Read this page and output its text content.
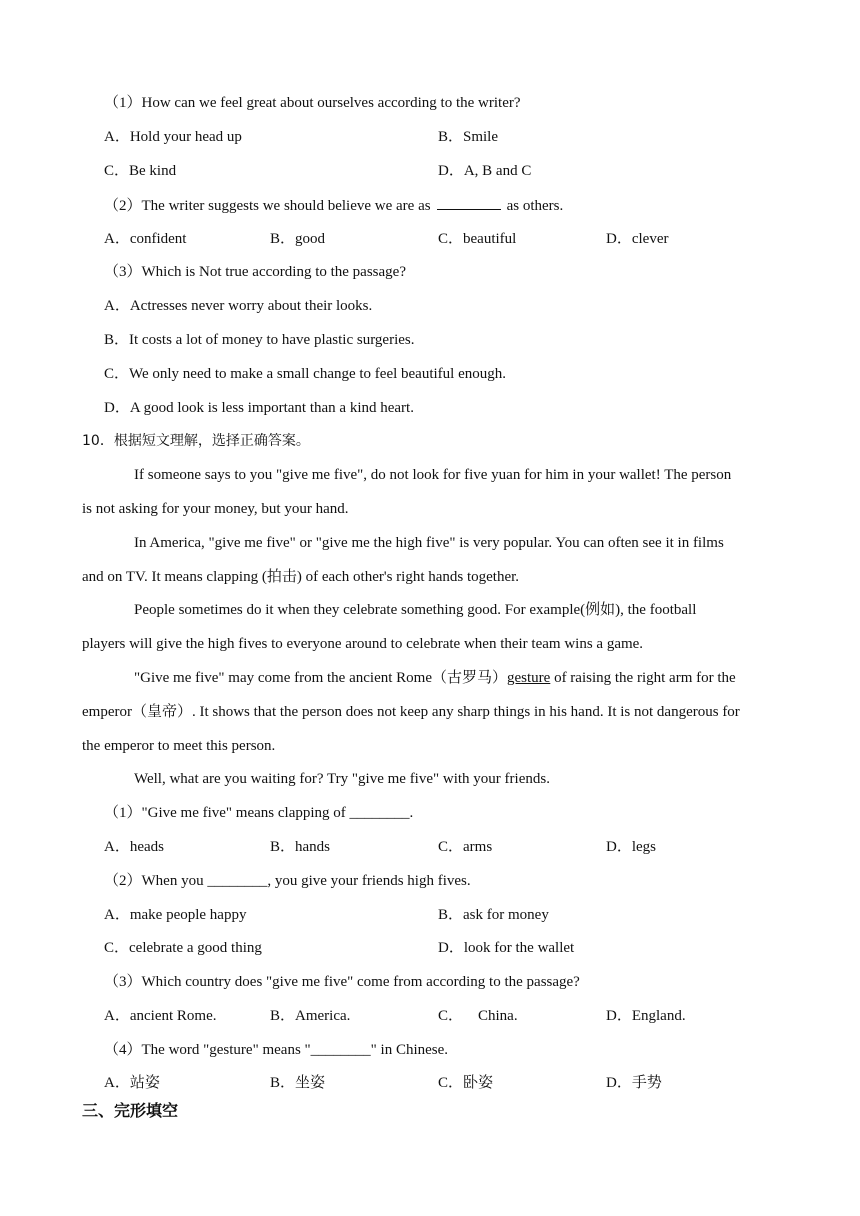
（1）How can we feel great about ourselves according to the writer?
A．Hold your head up	B．Smile
C．Be kind	D．A, B and C
（2）The writer suggests we should believe we are as	as others.
A．confident	B．good	C．beautiful	D．clever
（3）Which is Not true according to the passage?
A．Actresses never worry about their looks.
B．It costs a lot of money to have plastic surgeries.
C．We only need to make a small change to feel beautiful enough.
D．A good look is less important than a kind heart.
10．根据短文理解，选择正确答案。
If someone says to you "give me five", do not look for five yuan for him in your wallet! The person
is not asking for your money, but your hand.
In America, "give me five" or "give me the high five" is very popular. You can often see it in films
and on TV. It means clapping (拍击) of each other's right hands together.
People sometimes do it when they celebrate something good. For example(例如), the football
players will give the high fives to everyone around to celebrate when their team wins a game.
"Give me five" may come from the ancient Rome（古罗马）gesture of raising the right arm for the
emperor（皇帝）. It shows that the person does not keep any sharp things in his hand. It is not dangerous for
the emperor to meet this person.
Well, what are you waiting for? Try "give me five" with your friends.
（1）"Give me five" means clapping of ________.
A．heads	B．hands	C．arms	D．legs
（2）When you ________, you give your friends high fives.
A．make people happy	B．ask for money
C．celebrate a good thing	D．look for the wallet
（3）Which country does "give me five" come from according to the passage?
A．ancient Rome.	B．America.	C．    China.	D．England.
（4）The word "gesture" means "________" in Chinese.
A．站姿	B．坐姿	C．卧姿	D．手势
三、完形填空
